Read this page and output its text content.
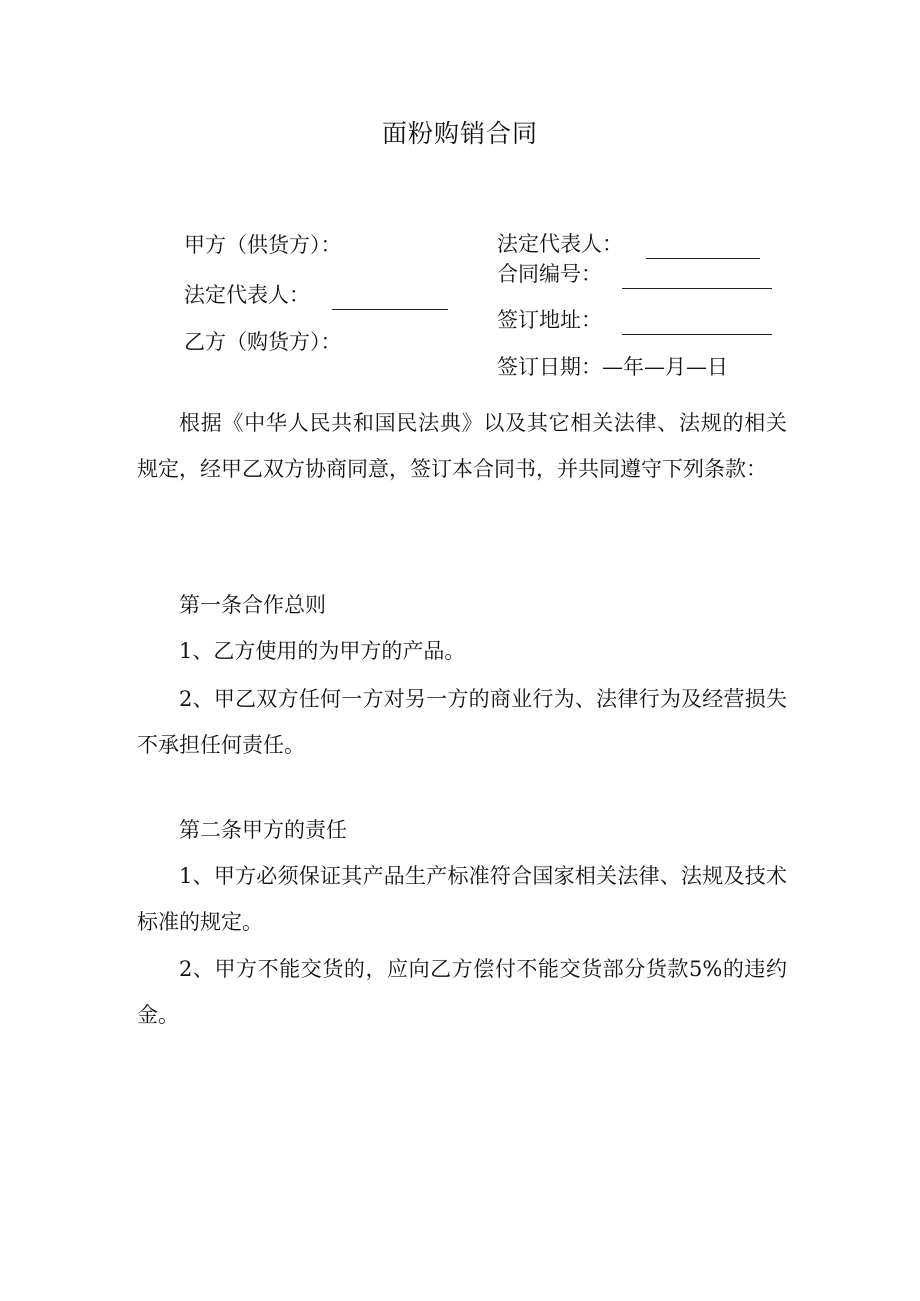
面粉购销合同
甲方（供货方）：
法定代表人：
乙方（购货方）：
法定代表人：
合同编号：
签订地址：
签订日期：—年—月—日
根据《中华人民共和国民法典》以及其它相关法律、法规的相关规定，经甲乙双方协商同意，签订本合同书，并共同遵守下列条款：
第一条合作总则
1、乙方使用的为甲方的产品。
2、甲乙双方任何一方对另一方的商业行为、法律行为及经营损失不承担任何责任。
第二条甲方的责任
1、甲方必须保证其产品生产标准符合国家相关法律、法规及技术标准的规定。
2、甲方不能交货的，应向乙方偿付不能交货部分货款5%的违约金。
